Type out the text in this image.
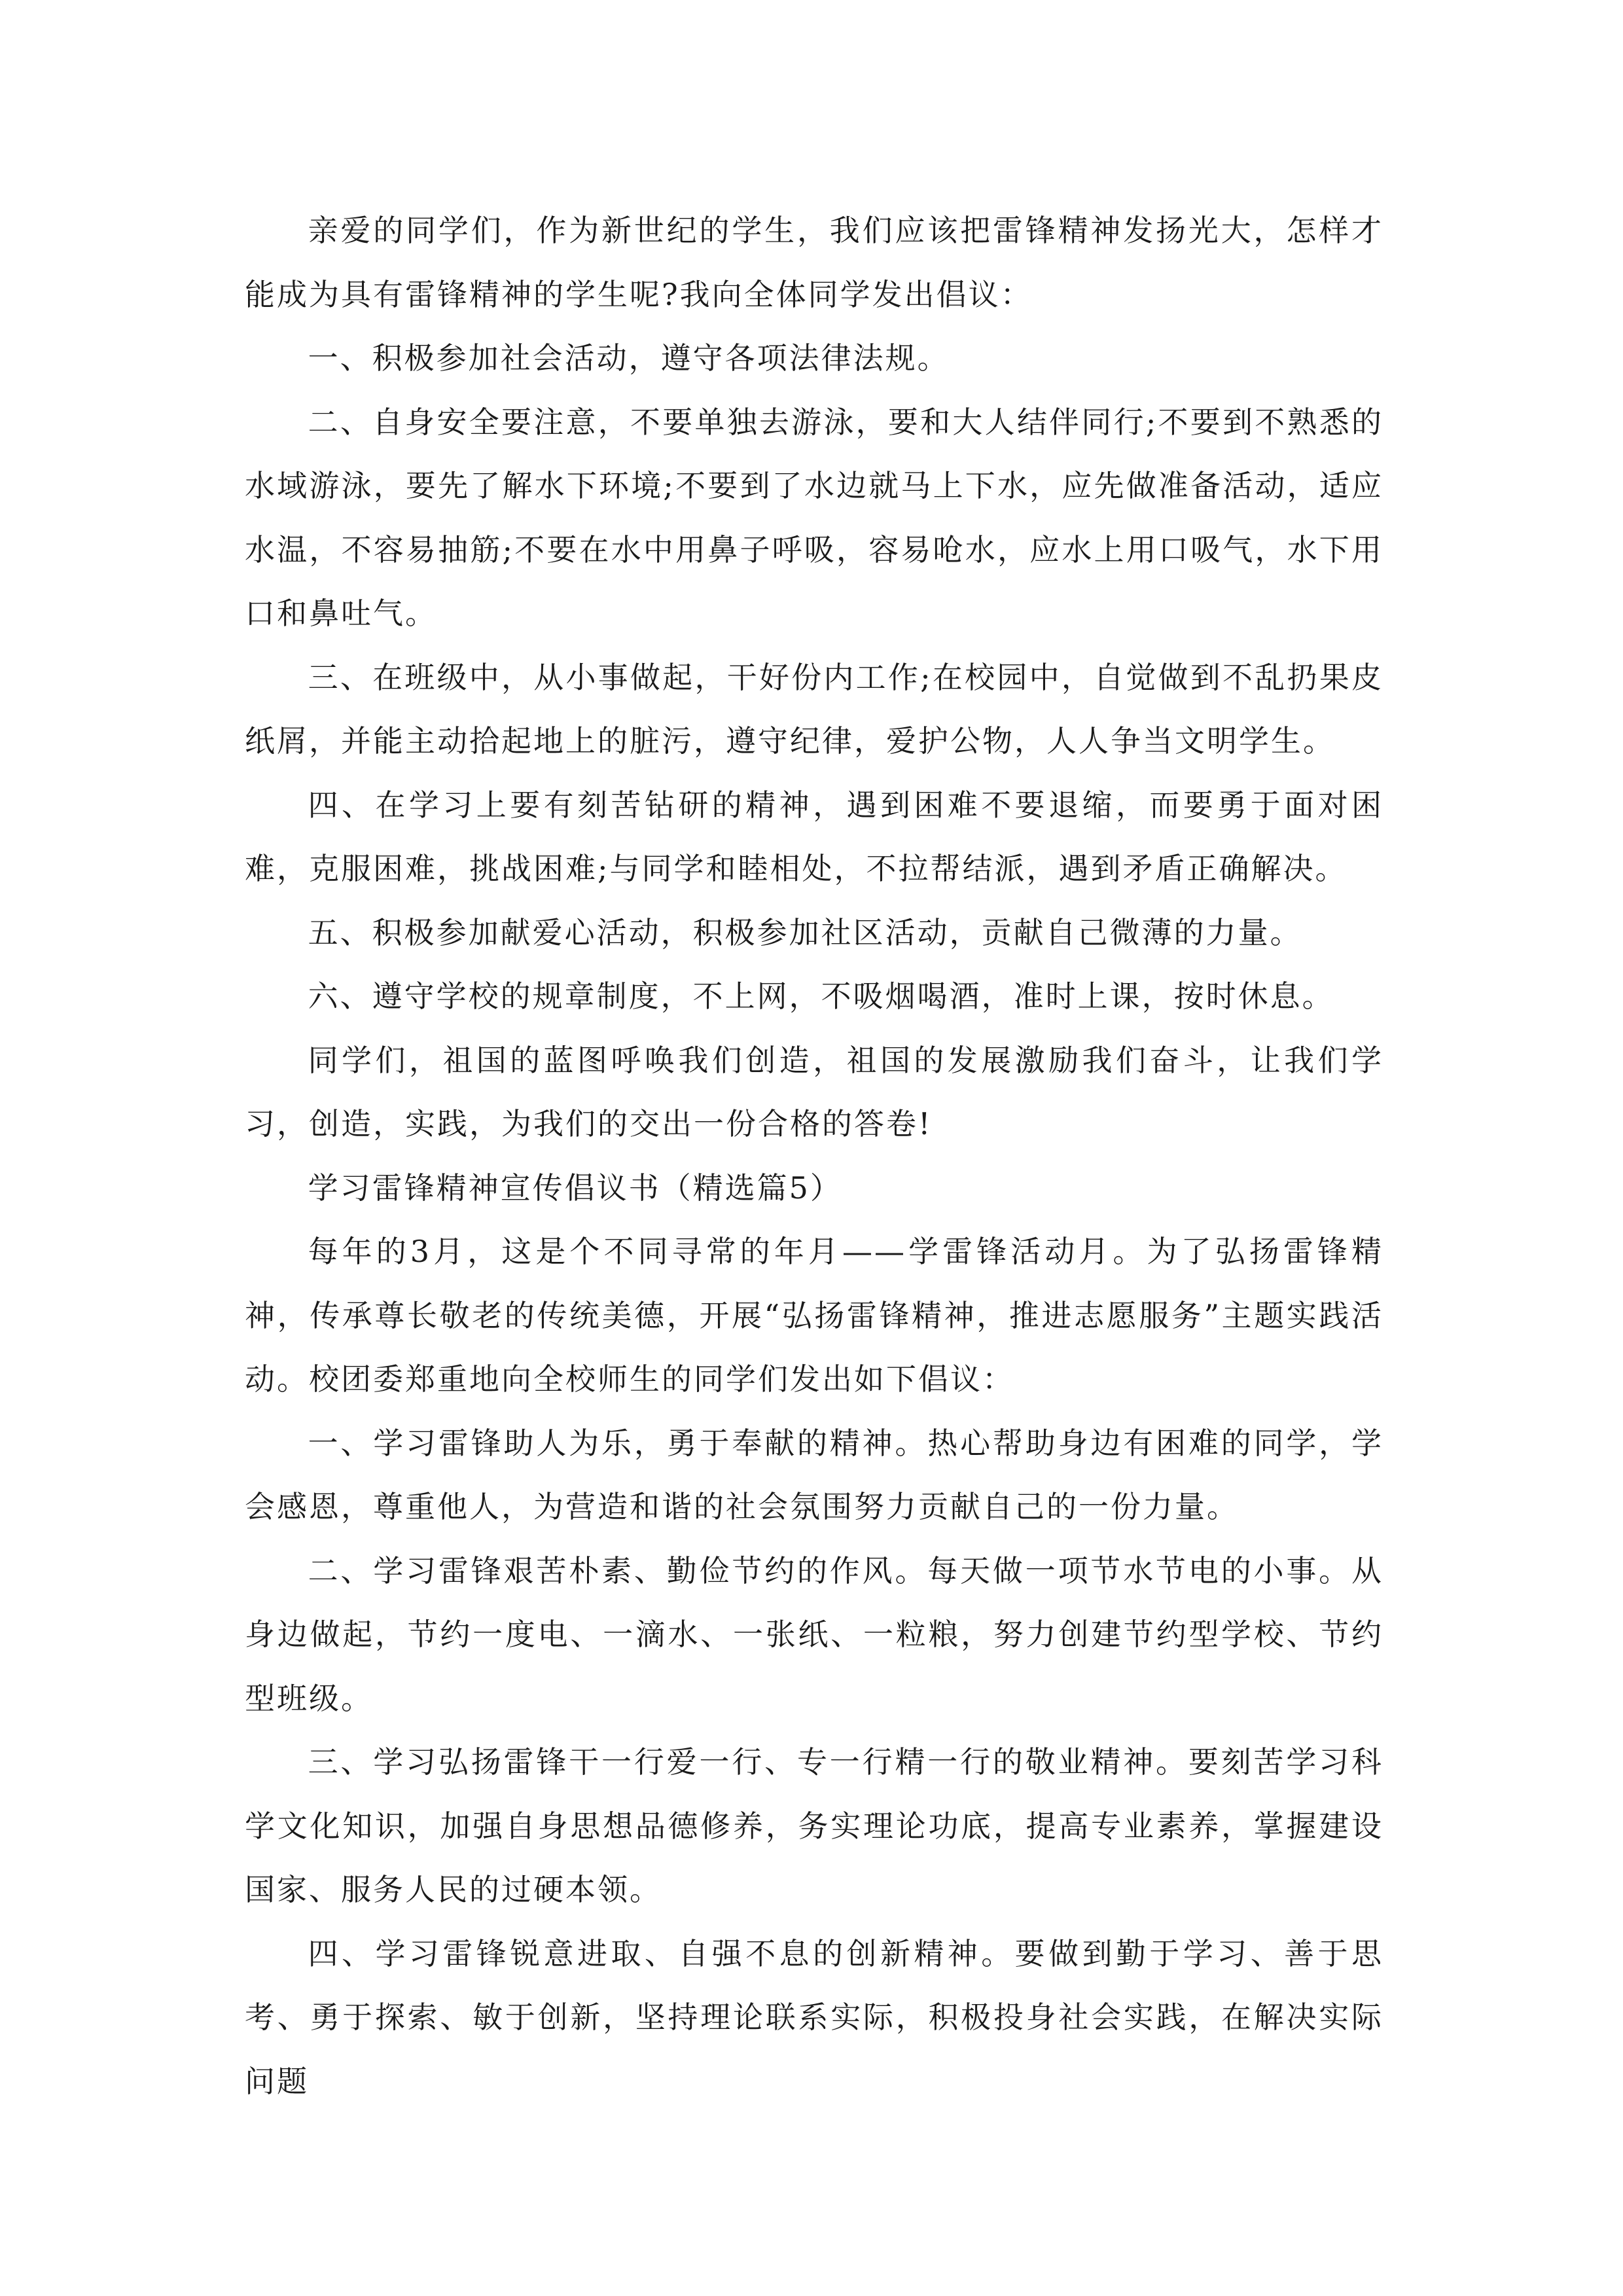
亲爱的同学们，作为新世纪的学生，我们应该把雷锋精神发扬光大，怎样才能成为具有雷锋精神的学生呢?我向全体同学发出倡议：

一、积极参加社会活动，遵守各项法律法规。

二、自身安全要注意，不要单独去游泳，要和大人结伴同行;不要到不熟悉的水域游泳，要先了解水下环境;不要到了水边就马上下水，应先做准备活动，适应水温，不容易抽筋;不要在水中用鼻子呼吸，容易呛水，应水上用口吸气，水下用口和鼻吐气。

三、在班级中，从小事做起，干好份内工作;在校园中，自觉做到不乱扔果皮纸屑，并能主动拾起地上的脏污，遵守纪律，爱护公物，人人争当文明学生。

四、在学习上要有刻苦钻研的精神，遇到困难不要退缩，而要勇于面对困难，克服困难，挑战困难;与同学和睦相处，不拉帮结派，遇到矛盾正确解决。

五、积极参加献爱心活动，积极参加社区活动，贡献自己微薄的力量。

六、遵守学校的规章制度，不上网，不吸烟喝酒，准时上课，按时休息。

同学们，祖国的蓝图呼唤我们创造，祖国的发展激励我们奋斗，让我们学习，创造，实践，为我们的交出一份合格的答卷!

学习雷锋精神宣传倡议书（精选篇5）

每年的3月，这是个不同寻常的年月——学雷锋活动月。为了弘扬雷锋精神，传承尊长敬老的传统美德，开展“弘扬雷锋精神，推进志愿服务”主题实践活动。校团委郑重地向全校师生的同学们发出如下倡议：

一、学习雷锋助人为乐，勇于奉献的精神。热心帮助身边有困难的同学，学会感恩，尊重他人，为营造和谐的社会氛围努力贡献自己的一份力量。

二、学习雷锋艰苦朴素、勤俭节约的作风。每天做一项节水节电的小事。从身边做起，节约一度电、一滴水、一张纸、一粒粮，努力创建节约型学校、节约型班级。

三、学习弘扬雷锋干一行爱一行、专一行精一行的敬业精神。要刻苦学习科学文化知识，加强自身思想品德修养，务实理论功底，提高专业素养，掌握建设国家、服务人民的过硬本领。

四、学习雷锋锐意进取、自强不息的创新精神。要做到勤于学习、善于思考、勇于探索、敏于创新，坚持理论联系实际，积极投身社会实践，在解决实际问题
